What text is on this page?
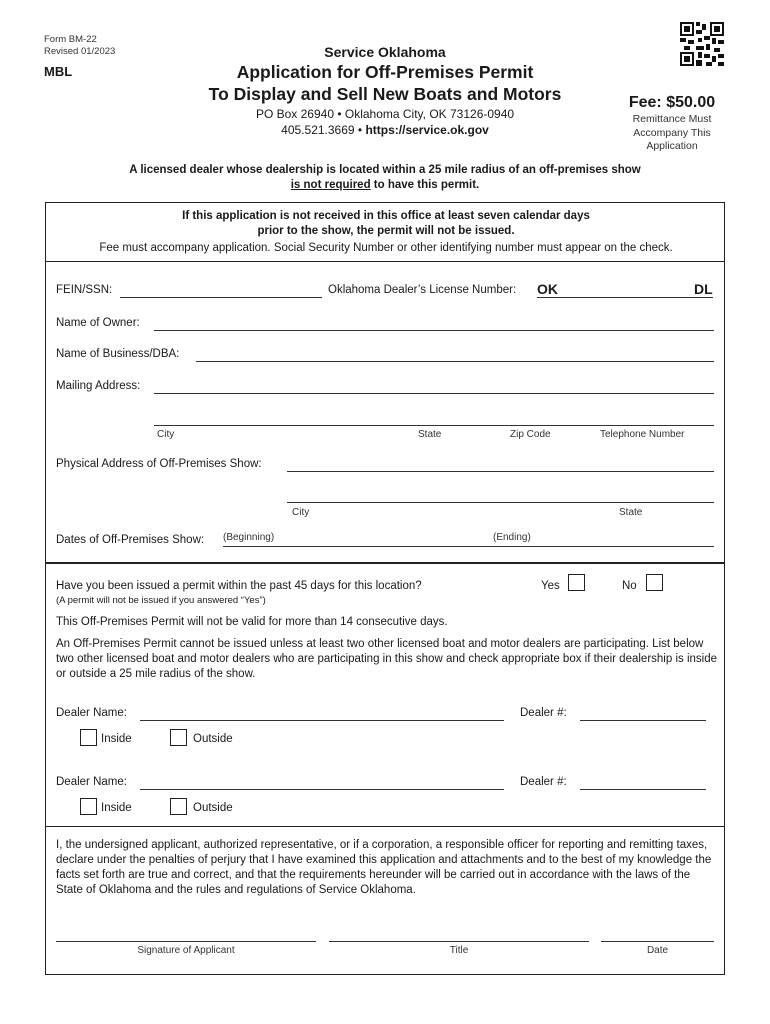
Form BM-22
Revised 01/2023
MBL
Service Oklahoma
Application for Off-Premises Permit
To Display and Sell New Boats and Motors
PO Box 26940 • Oklahoma City, OK 73126-0940
405.521.3669 • https://service.ok.gov
Fee: $50.00
Remittance Must
Accompany This
Application
A licensed dealer whose dealership is located within a 25 mile radius of an off-premises show
is not required to have this permit.
If this application is not received in this office at least seven calendar days
prior to the show, the permit will not be issued.
Fee must accompany application. Social Security Number or other identifying number must appear on the check.
FEIN/SSN:	Oklahoma Dealer’s License Number: OK	DL
Name of Owner:
Name of Business/DBA:
Mailing Address:
City	State	Zip Code	Telephone Number
Physical Address of Off-Premises Show:
City	State
Dates of Off-Premises Show: (Beginning)	(Ending)
Have you been issued a permit within the past 45 days for this location?
(A permit will not be issued if you answered “Yes”)
Yes	No
This Off-Premises Permit will not be valid for more than 14 consecutive days.
An Off-Premises Permit cannot be issued unless at least two other licensed boat and motor dealers are participating. List below two other licensed boat and motor dealers who are participating in this show and check appropriate box if their dealership is inside or outside a 25 mile radius of the show.
Dealer Name:	Dealer #:
Inside	Outside
Dealer Name:	Dealer #:
Inside	Outside
I, the undersigned applicant, authorized representative, or if a corporation, a responsible officer for reporting and remitting taxes, declare under the penalties of perjury that I have examined this application and attachments and to the best of my knowledge the facts set forth are true and correct, and that the requirements hereunder will be carried out in accordance with the laws of the State of Oklahoma and the rules and regulations of Service Oklahoma.
Signature of Applicant	Title	Date
